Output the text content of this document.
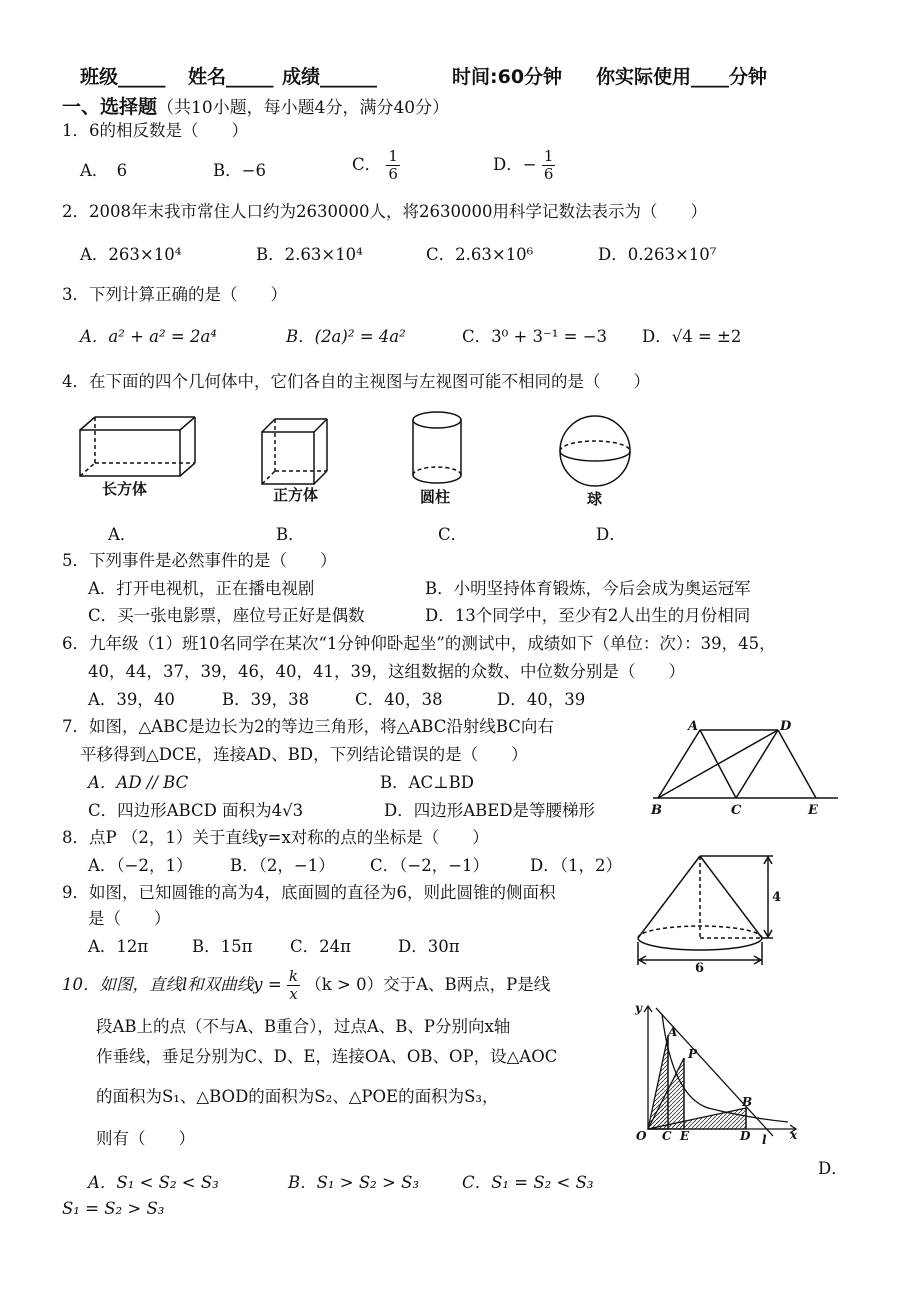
班级_____ 姓名_____ 成绩______	时间:60分钟 你实际使用____分钟
一、选择题（共10小题，每小题4分，满分40分）
1．6的相反数是（　　）
A．　6	B．−6	C． $\frac{1}{6}$	D．− $\frac{1}{6}$
2．2008年末我市常住人口约为2630000人，将2630000用科学记数法表示为（　　）
A．263×10⁴	B．2.63×10⁴	C．2.63×10⁶	D．0.263×10⁷
3．下列计算正确的是（　　）
A．a² + a² = 2a⁴	B．(2a)² = 4a²	C．3⁰ + 3⁻¹ = −3 D．√4 = ±2
4．在下面的四个几何体中，它们各自的主视图与左视图可能不相同的是（　　）
长方体	正方体	圆柱	球
A．	B．	C．	D．
5．下列事件是必然事件的是（　　）
A．打开电视机，正在播电视剧	B．小明坚持体育锻炼，今后会成为奥运冠军
C．买一张电影票，座位号正好是偶数	D．13个同学中，至少有2人出生的月份相同
6．九年级（1）班10名同学在某次“1分钟仰卧起坐”的测试中，成绩如下（单位：次）：39，45，
40，44，37，39，46，40，41，39，这组数据的众数、中位数分别是（　　）
A．39，40	B．39，38	C．40，38	D．40，39
7．如图，△ABC是边长为2的等边三角形，将△ABC沿射线BC向右
平移得到△DCE，连接AD、BD，下列结论错误的是（　　）
A．AD // BC	B．AC⊥BD
C．四边形ABCD 面积为4√3	D．四边形ABED是等腰梯形
A	D
B	C	E
8．点P （2，1）关于直线y=x对称的点的坐标是（　　）
A．（−2，1） B．（2，−1） C．（−2，−1） D．（1，2）
9．如图，已知圆锥的高为4，底面圆的直径为6，则此圆锥的侧面积
是（　　）
A．12π	B．15π C．24π	D．30π
4
6
10．如图，直线l和双曲线$y = \frac{k}{x} (k > 0)$交于A、B两点，P是线
段AB上的点（不与A、B重合），过点A、B、P分别向x轴
作垂线，垂足分别为C、D、E，连接OA、OB、OP，设△AOC
的面积为S₁、△BOD的面积为S₂、△POE的面积为S₃，
则有（　　）
A．S₁ < S₂ < S₃	B．S₁ > S₂ > S₃	C．S₁ = S₂ < S₃
D．
S₁ = S₂ > S₃
y
A
P
B
O C E	D l x
